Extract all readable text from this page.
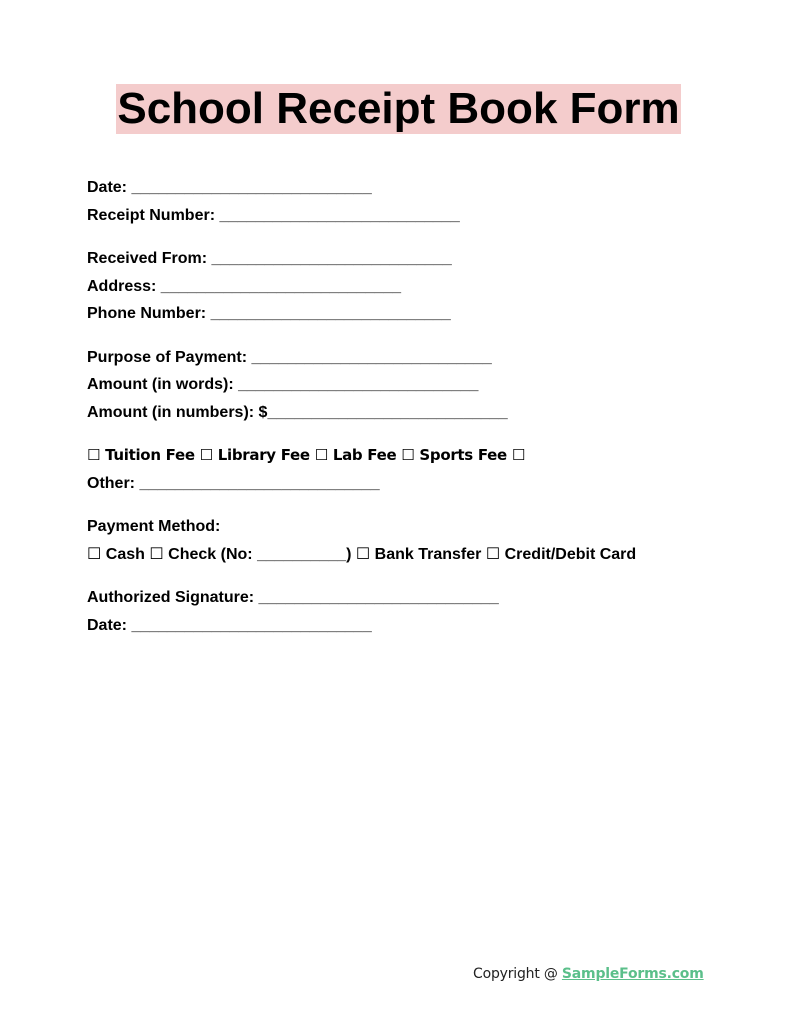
School Receipt Book Form
Date: ___________________________
Receipt Number: ___________________________
Received From: ___________________________
Address: ___________________________
Phone Number: ___________________________
Purpose of Payment: ___________________________
Amount (in words): ___________________________
Amount (in numbers): $___________________________
☐ Tuition Fee ☐ Library Fee ☐ Lab Fee ☐ Sports Fee ☐
Other: ___________________________
Payment Method:
☐ Cash ☐ Check (No: __________) ☐ Bank Transfer ☐ Credit/Debit Card
Authorized Signature: ___________________________
Date: ___________________________
Copyright @ SampleForms.com
